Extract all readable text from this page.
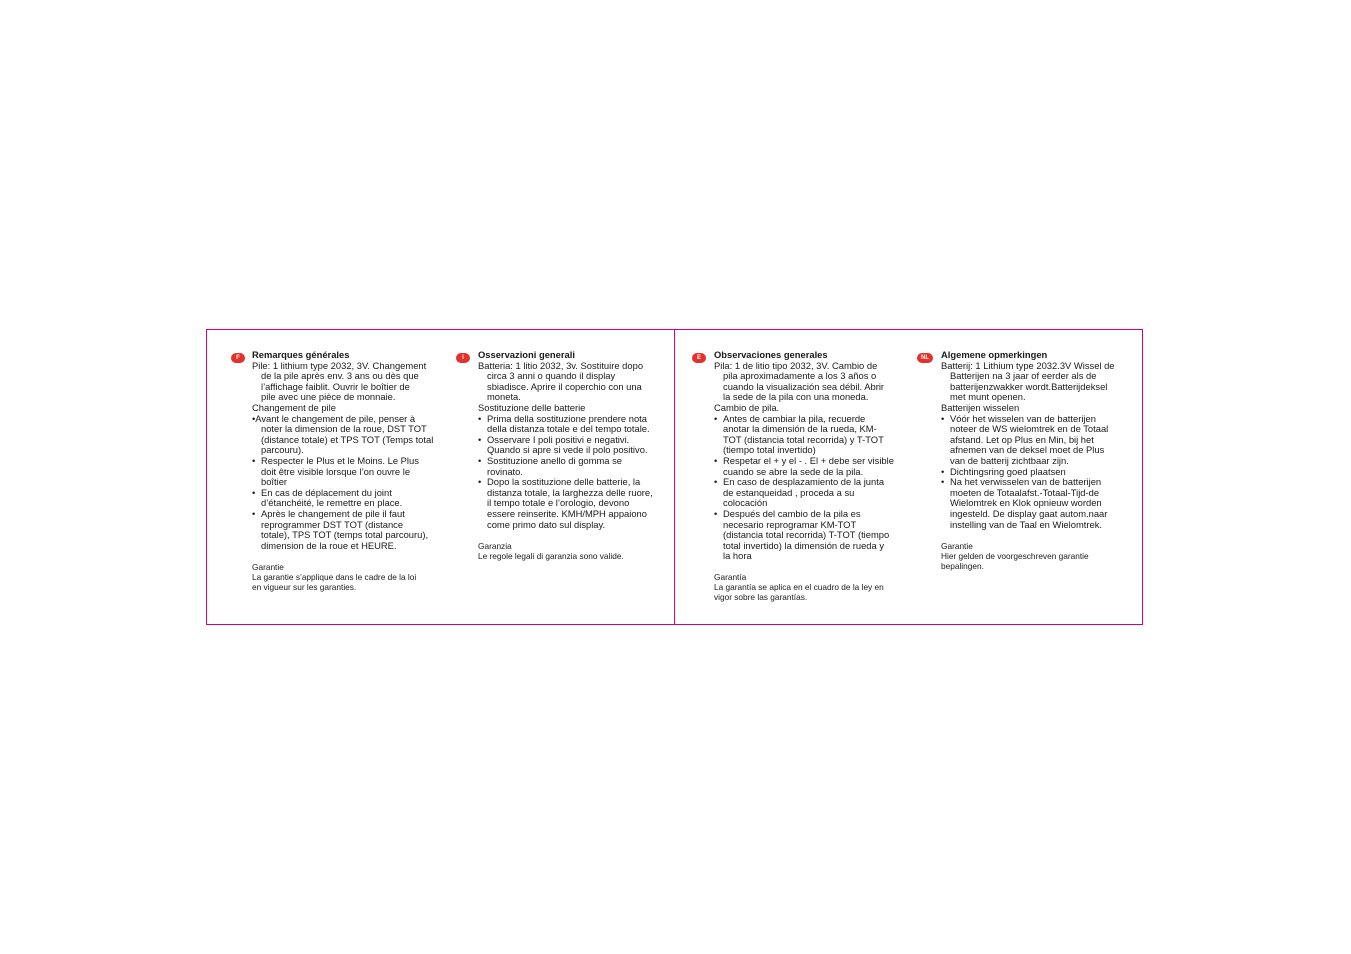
F	Remarques générales

Pile: 1 lithium type 2032, 3V. Changement

de la pile après env. 3 ans ou dès que

l’affichage faiblit. Ouvrir le boîtier de

pile avec une pièce de monnaie.

Changement de pile

•Avant le changement de pile, penser à

noter la dimension de la roue, DST TOT

(distance totale) et TPS TOT (Temps total

parcouru).

• Respecter le Plus et le Moins. Le Plus

doit être visible lorsque l’on ouvre le

boîtier

• En cas de déplacement du joint

d’étanchéité, le remettre en place.

• Après le changement de pile il faut

reprogrammer DST TOT (distance

totale), TPS TOT (temps total parcouru),

dimension de la roue et HEURE.

Garantie

La garantie s’applique dans le cadre de la loi

en vigueur sur les garanties.

I	Osservazioni generali

Batteria: 1 litio 2032, 3v. Sostituire dopo

circa 3 anni o quando il display

sbiadisce. Aprire il coperchio con una

moneta.

Sostituzione delle batterie

• Prima della sostituzione prendere nota

della distanza totale e del tempo totale.

• Osservare I poli positivi e negativi.

Quando si apre si vede il polo positivo.

• Sostituzione anello di gomma se

rovinato.

• Dopo la sostituzione delle batterie, la

distanza totale, la larghezza delle ruore,

il tempo totale e l’orologio, devono

essere reinserite. KMH/MPH appaiono

come primo dato sul display.

Garanzia

Le regole legali di garanzia sono valide.

E	Observaciones generales

Pila: 1 de litio tipo 2032, 3V. Cambio de

pila aproximadamente a los 3 años o

cuando la visualización sea débil. Abrir

la sede de la pila con una moneda.

Cambio de pila.

• Antes de cambiar la pila, recuerde

anotar la dimensión de la rueda, KM-

TOT (distancia total recorrida) y T-TOT

(tiempo total invertido)

• Respetar el + y el - . El + debe ser visible

cuando se abre la sede de la pila.

• En caso de desplazamiento de la junta

de estanqueidad , proceda a su

colocación

• Después del cambio de la pila es

necesario reprogramar KM-TOT

(distancia total recorrida) T-TOT (tiempo

total invertido) la dimensión de rueda y

la hora

Garantía

La garantía se aplica en el cuadro de la ley en

vigor sobre las garantías.

NL	Algemene opmerkingen

Batterij: 1 Lithium type 2032.3V Wissel de

Batterijen na 3 jaar of eerder als de

batterijenzwakker wordt.Batterijdeksel

met munt openen.

Batterijen wisselen

• Vóór het wisselen van de batterijen

noteer de WS wielomtrek en de Totaal

afstand. Let op Plus en Min, bij het

afnemen van de deksel moet de Plus

van de batterij zichtbaar zijn.

• Dichtingsring goed plaatsen

• Na het verwisselen van de batterijen

moeten de Totaalafst.-Totaal-Tijd-de

Wielomtrek en Klok opnieuw worden

ingesteld. De display gaat autom.naar

instelling van de Taal en Wielomtrek.

Garantie

Hier gelden de voorgeschreven garantie

bepalingen.
